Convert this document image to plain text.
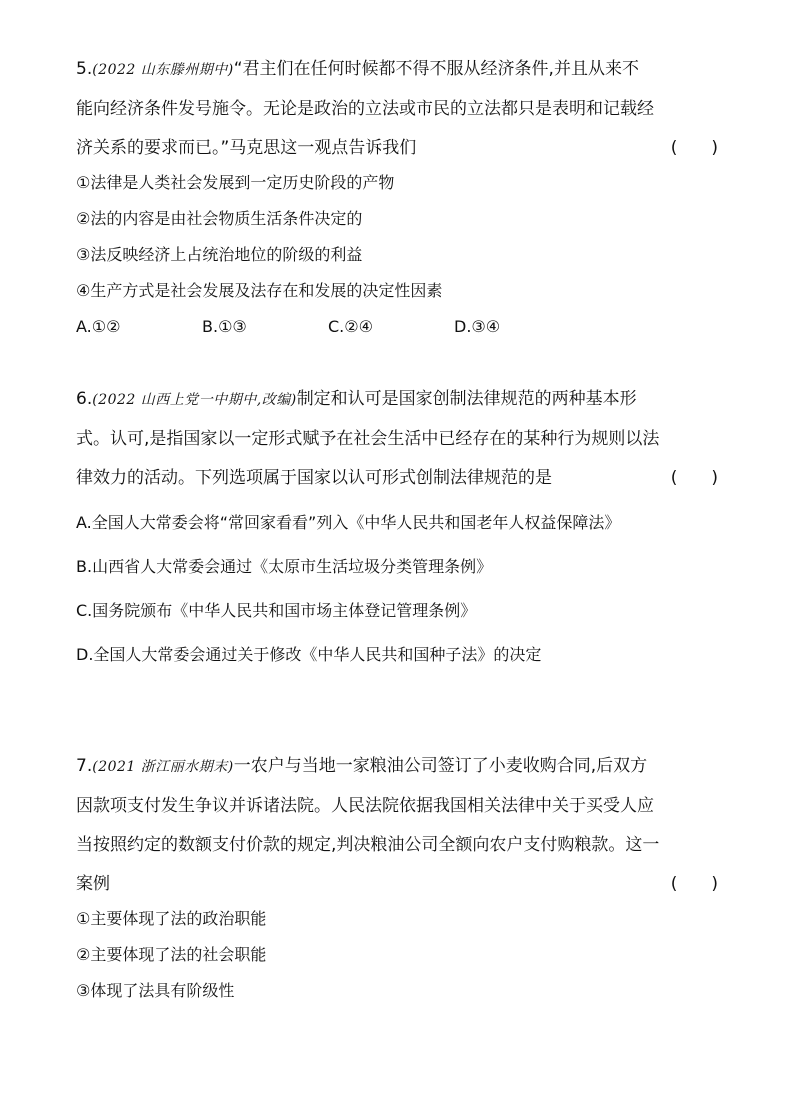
5.(2022 山东滕州期中)“君主们在任何时候都不得不服从经济条件,并且从来不
能向经济条件发号施令。无论是政治的立法或市民的立法都只是表明和记载经
济关系的要求而已。”马克思这一观点告诉我们	(　　)
①法律是人类社会发展到一定历史阶段的产物
②法的内容是由社会物质生活条件决定的
③法反映经济上占统治地位的阶级的利益
④生产方式是社会发展及法存在和发展的决定性因素
A.①②	B.①③	C.②④	D.③④
6.(2022 山西上党一中期中,改编)制定和认可是国家创制法律规范的两种基本形
式。认可,是指国家以一定形式赋予在社会生活中已经存在的某种行为规则以法
律效力的活动。下列选项属于国家以认可形式创制法律规范的是	(　　)
A.全国人大常委会将“常回家看看”列入《中华人民共和国老年人权益保障法》
B.山西省人大常委会通过《太原市生活垃圾分类管理条例》
C.国务院颁布《中华人民共和国市场主体登记管理条例》
D.全国人大常委会通过关于修改《中华人民共和国种子法》的决定
7.(2021 浙江丽水期末)一农户与当地一家粮油公司签订了小麦收购合同,后双方
因款项支付发生争议并诉诸法院。人民法院依据我国相关法律中关于买受人应
当按照约定的数额支付价款的规定,判决粮油公司全额向农户支付购粮款。这一
案例	(　　)
①主要体现了法的政治职能
②主要体现了法的社会职能
③体现了法具有阶级性
